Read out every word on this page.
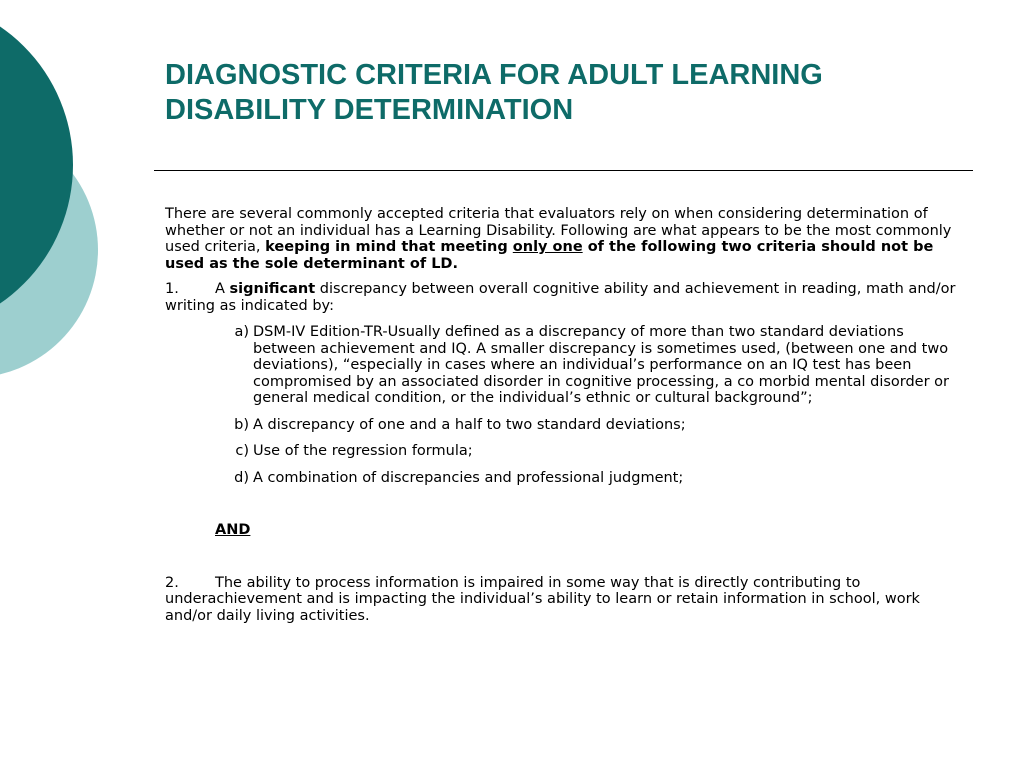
DIAGNOSTIC CRITERIA FOR ADULT LEARNING DISABILITY DETERMINATION

There are several commonly accepted criteria that evaluators rely on when considering determination of whether or not an individual has a Learning Disability. Following are what appears to be the most commonly used criteria, keeping in mind that meeting only one of the following two criteria should not be used as the sole determinant of LD.

1. A significant discrepancy between overall cognitive ability and achievement in reading, math and/or writing as indicated by:

a) DSM-IV Edition-TR-Usually defined as a discrepancy of more than two standard deviations between achievement and IQ. A smaller discrepancy is sometimes used, (between one and two deviations), “especially in cases where an individual’s performance on an IQ test has been compromised by an associated disorder in cognitive processing, a co morbid mental disorder or general medical condition, or the individual’s ethnic or cultural background”;
b) A discrepancy of one and a half to two standard deviations;
c) Use of the regression formula;
d) A combination of discrepancies and professional judgment;

AND

2. The ability to process information is impaired in some way that is directly contributing to underachievement and is impacting the individual’s ability to learn or retain information in school, work and/or daily living activities.
